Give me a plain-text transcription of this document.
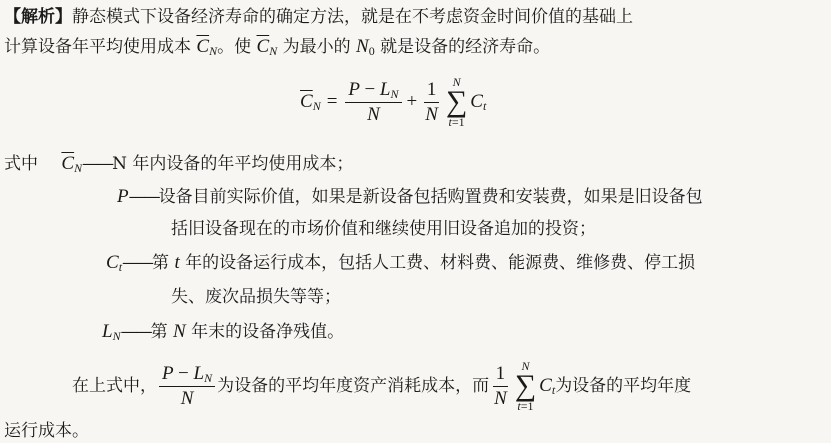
【解析】静态模式下设备经济寿命的确定方法，就是在不考虑资金时间价值的基础上
计算设备年平均使用成本 $\overline{C}_N$。使 $\overline{C}_N$ 为最小的 $N_0$ 就是设备的经济寿命。
$\overline{C}_N = \frac{P - L_N}{N} + \frac{1}{N}$ N
∑
t=1
$C_t$
式中 $\overline{C}_N——N$ 年内设备的年平均使用成本；
P——设备目前实际价值，如果是新设备包括购置费和安装费，如果是旧设备包
括旧设备现在的市场价值和继续使用旧设备追加的投资；
$C_t——$第 t 年的设备运行成本，包括人工费、材料费、能源费、维修费、停工损
失、废次品损失等等；
$L_N——$第 N 年末的设备净残值。
在上式中， $\frac{P - L_N}{N}$ 为设备的平均年度资产消耗成本，而 $\frac{1}{N}$ N
∑
t=1
$C_t$ 为设备的平均年度
运行成本。
